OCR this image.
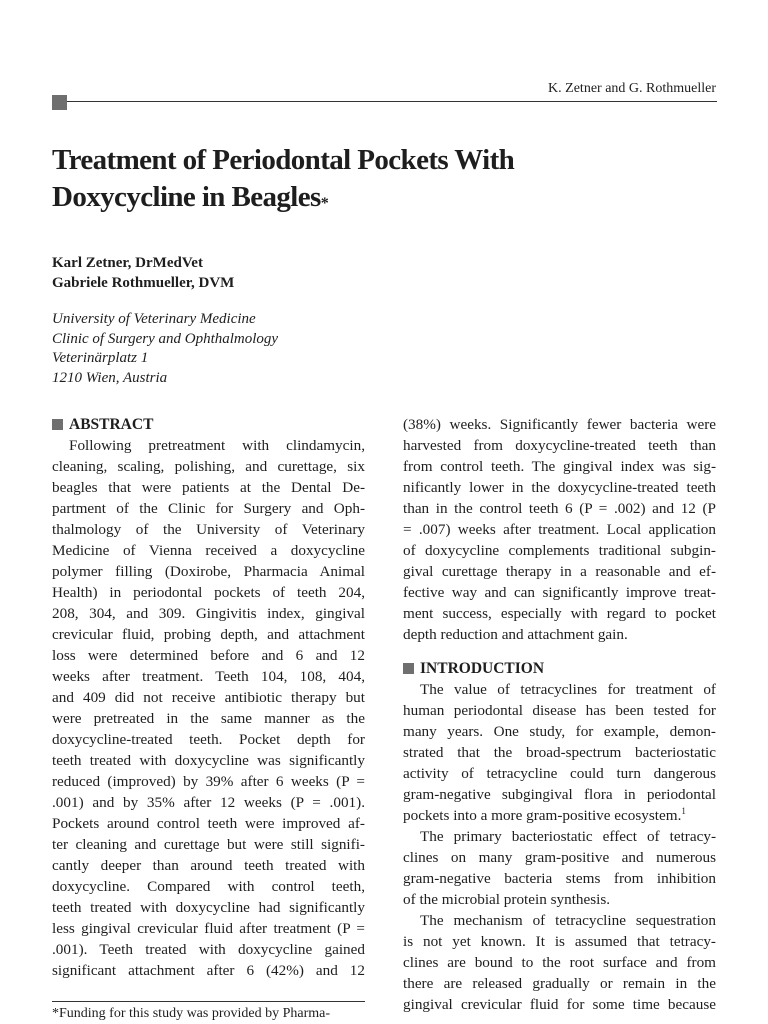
K. Zetner and G. Rothmueller
Treatment of Periodontal Pockets With
Doxycycline in Beagles*
Karl Zetner, DrMedVet
Gabriele Rothmueller, DVM
University of Veterinary Medicine
Clinic of Surgery and Ophthalmology
Veterinärplatz 1
1210 Wien, Austria
ABSTRACT
Following pretreatment with clindamycin,
cleaning, scaling, polishing, and curettage, six
beagles that were patients at the Dental De-
partment of the Clinic for Surgery and Oph-
thalmology of the University of Veterinary
Medicine of Vienna received a doxycycline
polymer filling (Doxirobe, Pharmacia Animal
Health) in periodontal pockets of teeth 204,
208, 304, and 309. Gingivitis index, gingival
crevicular fluid, probing depth, and attachment
loss were determined before and 6 and 12
weeks after treatment. Teeth 104, 108, 404,
and 409 did not receive antibiotic therapy but
were pretreated in the same manner as the
doxycycline-treated teeth. Pocket depth for
teeth treated with doxycycline was significantly
reduced (improved) by 39% after 6 weeks (P =
.001) and by 35% after 12 weeks (P = .001).
Pockets around control teeth were improved af-
ter cleaning and curettage but were still signifi-
cantly deeper than around teeth treated with
doxycycline. Compared with control teeth,
teeth treated with doxycycline had significantly
less gingival crevicular fluid after treatment (P =
.001). Teeth treated with doxycycline gained
significant attachment after 6 (42%) and 12
(38%) weeks. Significantly fewer bacteria were
harvested from doxycycline-treated teeth than
from control teeth. The gingival index was sig-
nificantly lower in the doxycycline-treated teeth
than in the control teeth 6 (P = .002) and 12 (P
= .007) weeks after treatment. Local application
of doxycycline complements traditional subgin-
gival curettage therapy in a reasonable and ef-
fective way and can significantly improve treat-
ment success, especially with regard to pocket
depth reduction and attachment gain.
INTRODUCTION
The value of tetracyclines for treatment of
human periodontal disease has been tested for
many years. One study, for example, demon-
strated that the broad-spectrum bacteriostatic
activity of tetracycline could turn dangerous
gram-negative subgingival flora in periodontal
pockets into a more gram-positive ecosystem.$^1$
The primary bacteriostatic effect of tetracy-
clines on many gram-positive and numerous
gram-negative bacteria stems from inhibition
of the microbial protein synthesis.
The mechanism of tetracycline sequestration
is not yet known. It is assumed that tetracy-
clines are bound to the root surface and from
there are released gradually or remain in the
gingival crevicular fluid for some time because
*Funding for this study was provided by Pharma-
